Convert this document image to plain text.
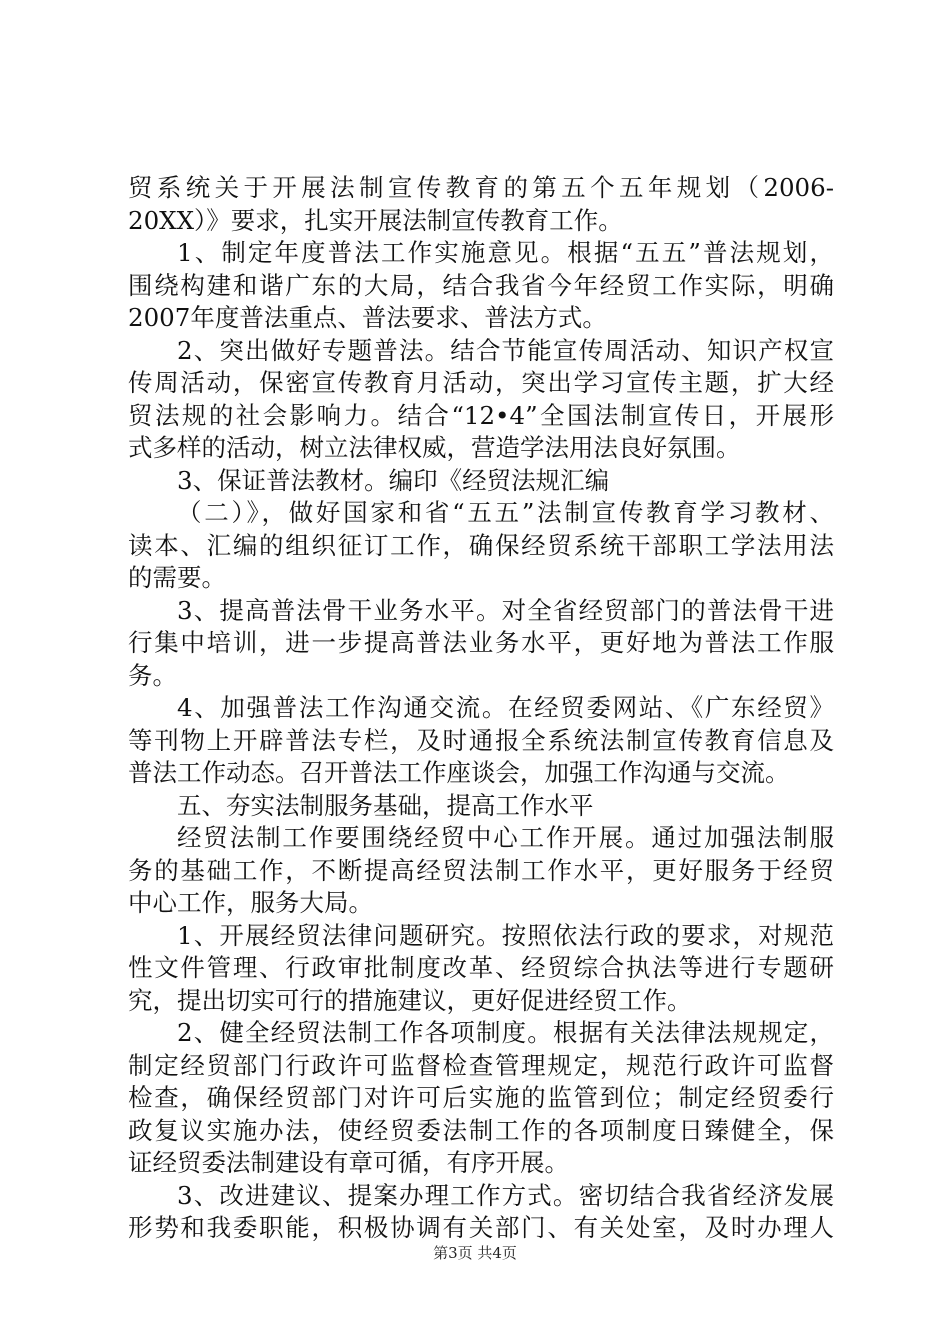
贸系统关于开展法制宣传教育的第五个五年规划（2006-
20XX）》要求，扎实开展法制宣传教育工作。
1、制定年度普法工作实施意见。根据“五五”普法规划，
围绕构建和谐广东的大局，结合我省今年经贸工作实际，明确
2007年度普法重点、普法要求、普法方式。
2、突出做好专题普法。结合节能宣传周活动、知识产权宣
传周活动，保密宣传教育月活动，突出学习宣传主题，扩大经
贸法规的社会影响力。结合“12•4”全国法制宣传日，开展形
式多样的活动，树立法律权威，营造学法用法良好氛围。
3、保证普法教材。编印《经贸法规汇编
（二）》，做好国家和省“五五”法制宣传教育学习教材、
读本、汇编的组织征订工作，确保经贸系统干部职工学法用法
的需要。
3、提高普法骨干业务水平。对全省经贸部门的普法骨干进
行集中培训，进一步提高普法业务水平，更好地为普法工作服
务。
4、加强普法工作沟通交流。在经贸委网站、《广东经贸》
等刊物上开辟普法专栏，及时通报全系统法制宣传教育信息及
普法工作动态。召开普法工作座谈会，加强工作沟通与交流。
五、夯实法制服务基础，提高工作水平
经贸法制工作要围绕经贸中心工作开展。通过加强法制服
务的基础工作，不断提高经贸法制工作水平，更好服务于经贸
中心工作，服务大局。
1、开展经贸法律问题研究。按照依法行政的要求，对规范
性文件管理、行政审批制度改革、经贸综合执法等进行专题研
究，提出切实可行的措施建议，更好促进经贸工作。
2、健全经贸法制工作各项制度。根据有关法律法规规定，
制定经贸部门行政许可监督检查管理规定，规范行政许可监督
检查，确保经贸部门对许可后实施的监管到位；制定经贸委行
政复议实施办法，使经贸委法制工作的各项制度日臻健全，保
证经贸委法制建设有章可循，有序开展。
3、改进建议、提案办理工作方式。密切结合我省经济发展
形势和我委职能，积极协调有关部门、有关处室，及时办理人
第3页 共4页
